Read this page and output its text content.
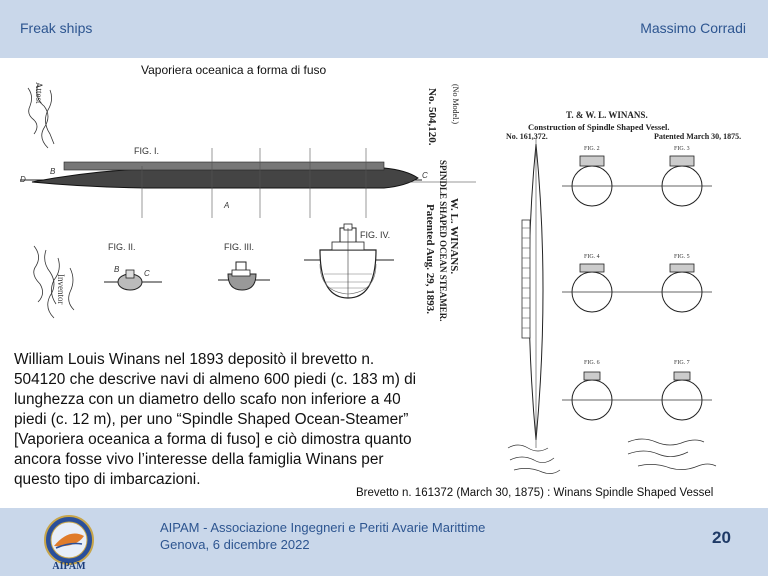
Freak ships	Massimo Corradi
Vaporiera oceanica a forma di fuso
Attest
Inventor
FIG. I.
D
B	C
A
FIG. II.
B	C
FIG. III.
FIG. IV.
(No Model.)
No. 504,120.
W. L. WINANS.
SPINDLE SHAPED OCEAN STEAMER.
Patented Aug. 29, 1893.
T. & W. L. WINANS.
Construction of Spindle Shaped Vessel.
No. 161,372.	Patented March 30, 1875.
FIG. 2	FIG. 3
FIG. 4	FIG. 5
FIG. 6	FIG. 7
William Louis Winans nel 1893 depositò il brevetto n.
504120 che descrive navi di almeno 600 piedi (c. 183 m) di
lunghezza con un diametro dello scafo non inferiore a 40
piedi (c. 12 m), per uno “Spindle Shaped Ocean-Steamer”
[Vaporiera oceanica a forma di fuso] e ciò dimostra quanto
ancora fosse vivo l’interesse della famiglia Winans per
questo tipo di imbarcazioni.
Brevetto n. 161372 (March 30, 1875) : Winans Spindle Shaped Vessel
AIPAM
AIPAM - Associazione Ingegneri e Periti Avarie Marittime
Genova, 6 dicembre 2022	20
